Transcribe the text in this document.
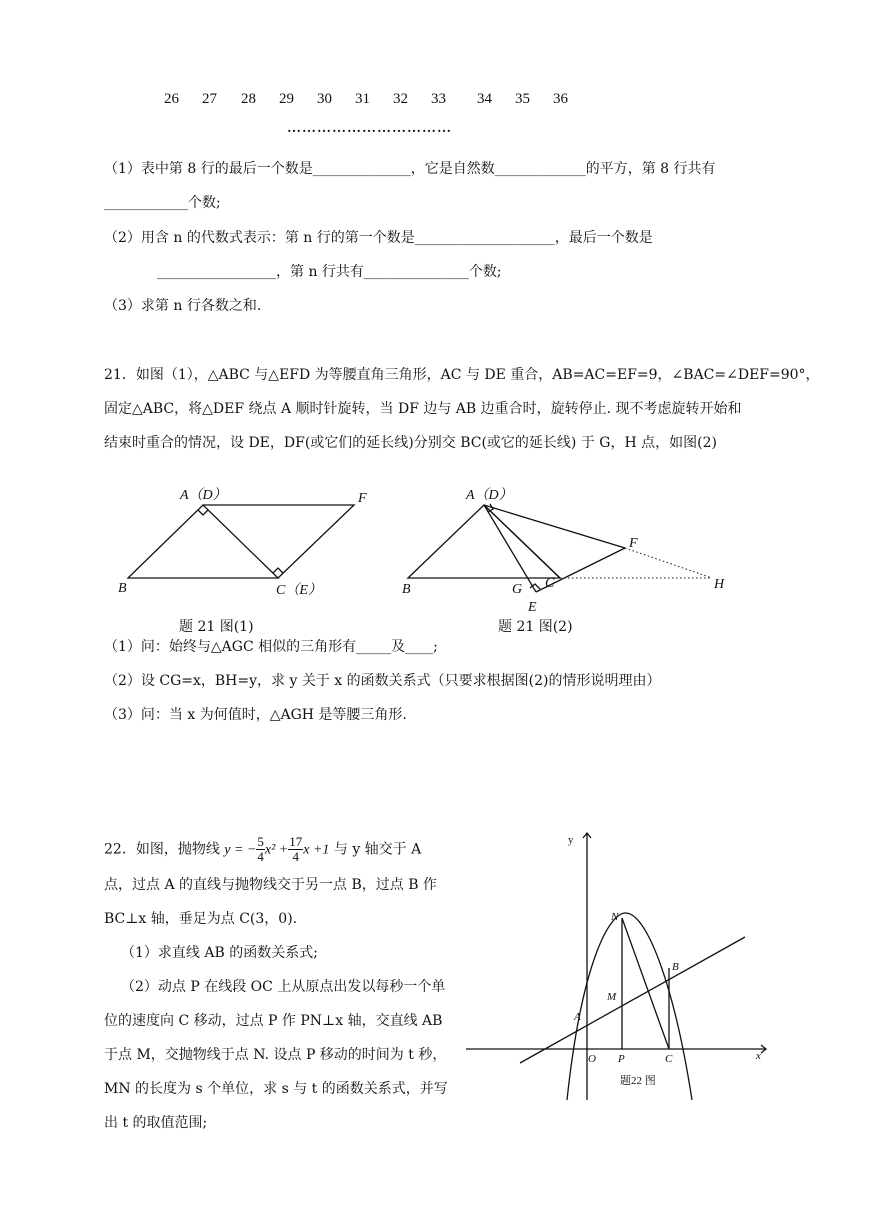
26 27 28 29 30 31 32 33 34 35 36
……………………………
（1）表中第 8 行的最后一个数是______________，它是自然数_____________的平方，第 8 行共有
____________个数;
（2）用含 n 的代数式表示：第 n 行的第一个数是____________________，最后一个数是
_________________，第 n 行共有_______________个数;
（3）求第 n 行各数之和.
21．如图（1），△ABC 与△EFD 为等腰直角三角形，AC 与 DE 重合，AB=AC=EF=9，∠BAC=∠DEF=90°，
固定△ABC，将△DEF 绕点 A 顺时针旋转，当 DF 边与 AB 边重合时，旋转停止. 现不考虑旋转开始和
结束时重合的情况，设 DE，DF(或它们的延长线)分别交 BC(或它的延长线) 于 G，H 点，如图(2)
A（D）	F
B	C（E）
题 21 图(1)
A（D）
F
B	G C
E
H
题 21 图(2)
（1）问：始终与△AGC 相似的三角形有_____及____;
（2）设 CG=x，BH=y，求 y 关于 x 的函数关系式（只要求根据图(2)的情形说明理由）
（3）问：当 x 为何值时，△AGH 是等腰三角形.
22．如图，抛物线 y = − $\frac{5}{4} x^2 + \frac{17}{4}$ x +1 与 y 轴交于 A
点，过点 A 的直线与抛物线交于另一点 B，过点 B 作
BC⊥x 轴，垂足为点 C(3，0).
（1）求直线 AB 的函数关系式;
（2）动点 P 在线段 OC 上从原点出发以每秒一个单
位的速度向 C 移动，过点 P 作 PN⊥x 轴，交直线 AB
于点 M，交抛物线于点 N. 设点 P 移动的时间为 t 秒，
MN 的长度为 s 个单位，求 s 与 t 的函数关系式，并写
出 t 的取值范围;
y
x
N
B
M
A
O P	C
题22 图
